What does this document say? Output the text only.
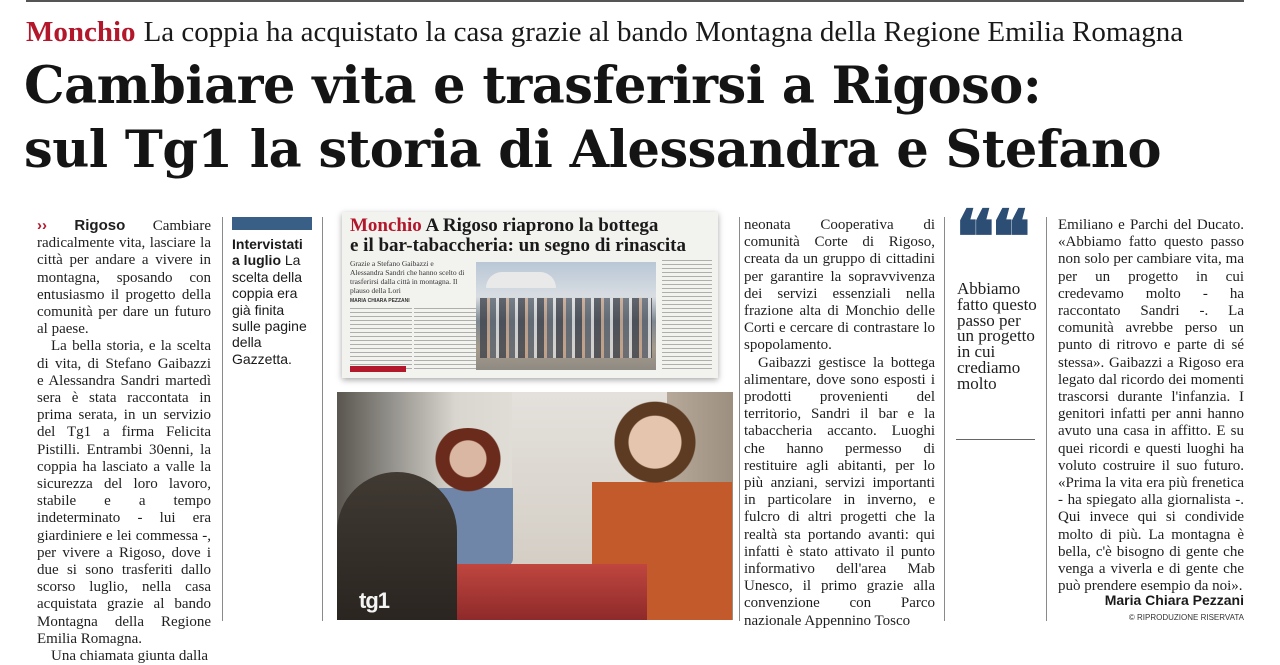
Monchio La coppia ha acquistato la casa grazie al bando Montagna della Regione Emilia Romagna
Cambiare vita e trasferirsi a Rigoso:
sul Tg1 la storia di Alessandra e Stefano

›› Rigoso Cambiare radicalmente vita, lasciare la città per andare a vivere in montagna, sposando con entusiasmo il progetto della comunità per dare un futuro al paese.

La bella storia, e la scelta di vita, di Stefano Gaibazzi e Alessandra Sandri martedì sera è stata raccontata in prima serata, in un servizio del Tg1 a firma Felicita Pistilli. Entrambi 30enni, la coppia ha lasciato a valle la sicurezza del loro lavoro, stabile e a tempo indeterminato - lui era giardiniere e lei commessa -, per vivere a Rigoso, dove i due si sono trasferiti dallo scorso luglio, nella casa acquistata grazie al bando Montagna della Regione Emilia Romagna.

Una chiamata giunta dalla

Intervistati a luglio La scelta della coppia era già finita sulle pagine della Gazzetta.
Monchio A Rigoso riaprono la bottega
e il bar-tabaccheria: un segno di rinascita
Grazie a Stefano Gaibazzi e Alessandra Sandri che hanno scelto di trasferirsi dalla città in montagna. Il plauso della Lori
MARIA CHIARA PEZZANI
tg1

neonata Cooperativa di comunità Corte di Rigoso, creata da un gruppo di cittadini per garantire la sopravvivenza dei servizi essenziali nella frazione alta di Monchio delle Corti e cercare di contrastare lo spopolamento.

Gaibazzi gestisce la bottega alimentare, dove sono esposti i prodotti provenienti del territorio, Sandri il bar e la tabaccheria accanto. Luoghi che hanno permesso di restituire agli abitanti, per lo più anziani, servizi importanti in particolare in inverno, e fulcro di altri progetti che la realtà sta portando avanti: qui infatti è stato attivato il punto informativo dell'area Mab Unesco, il primo grazie alla convenzione con Parco nazionale Appennino Tosco

❝❝
Abbiamo fatto questo passo per un progetto in cui crediamo molto

Emiliano e Parchi del Ducato. «Abbiamo fatto questo passo non solo per cambiare vita, ma per un progetto in cui credevamo molto - ha raccontato Sandri -. La comunità avrebbe perso un punto di ritrovo e parte di sé stessa». Gaibazzi a Rigoso era legato dal ricordo dei momenti trascorsi durante l'infanzia. I genitori infatti per anni hanno avuto una casa in affitto. E su quei ricordi e questi luoghi ha voluto costruire il suo futuro. «Prima la vita era più frenetica - ha spiegato alla giornalista -. Qui invece qui si condivide molto di più. La montagna è bella, c'è bisogno di gente che venga a viverla e di gente che può prendere esempio da noi».

Maria Chiara Pezzani
© RIPRODUZIONE RISERVATA
